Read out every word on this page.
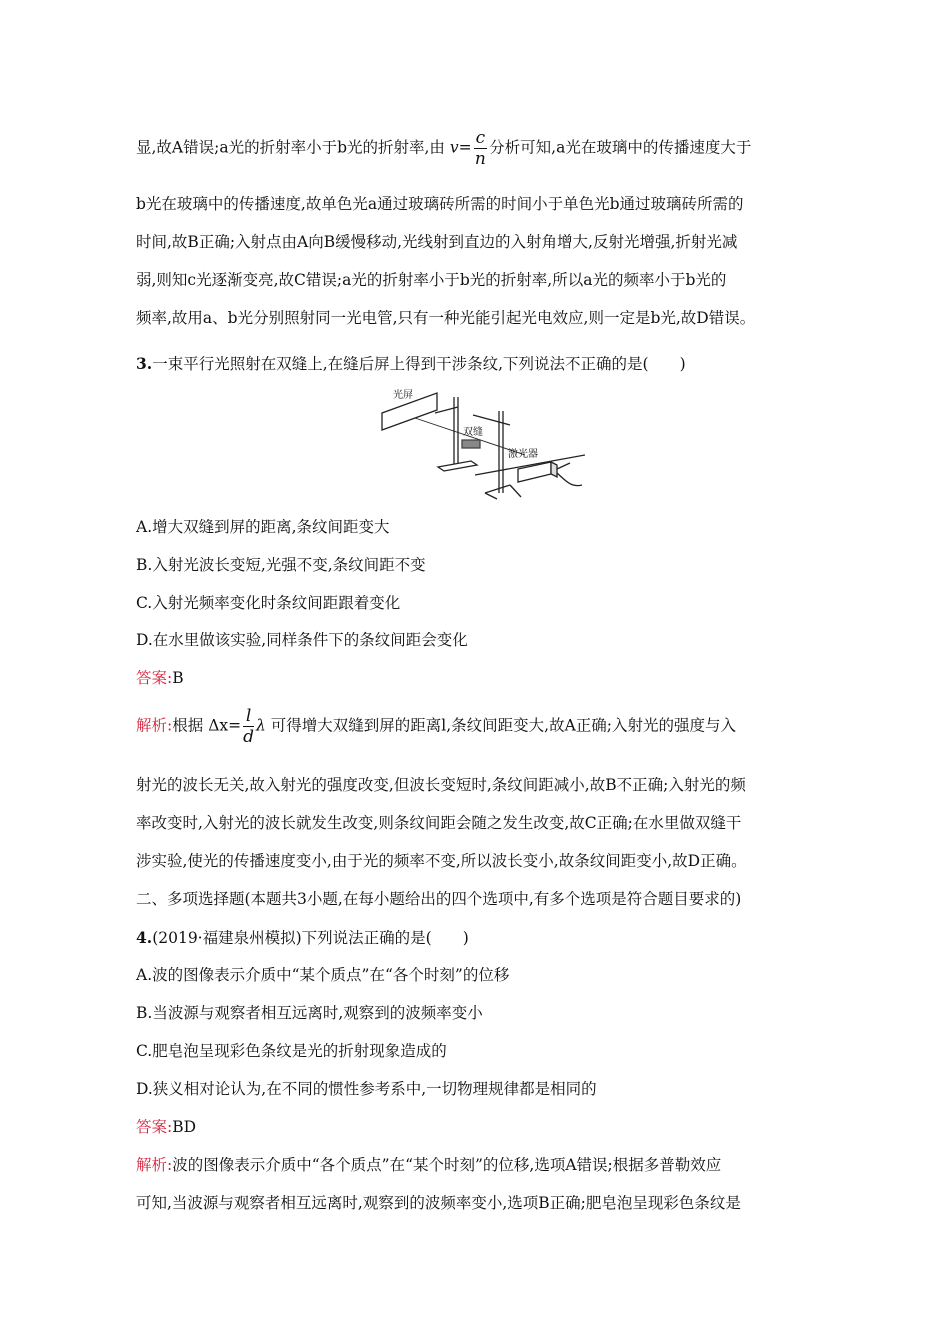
显,故A错误;a光的折射率小于b光的折射率,由 $v= \frac{c}{n}$ 分析可知,a光在玻璃中的传播速度大于
b光在玻璃中的传播速度,故单色光a通过玻璃砖所需的时间小于单色光b通过玻璃砖所需的
时间,故B正确;入射点由A向B缓慢移动,光线射到直边的入射角增大,反射光增强,折射光减
弱,则知c光逐渐变亮,故C错误;a光的折射率小于b光的折射率,所以a光的频率小于b光的
频率,故用a、b光分别照射同一光电管,只有一种光能引起光电效应,则一定是b光,故D错误。
3.一束平行光照射在双缝上,在缝后屏上得到干涉条纹,下列说法不正确的是(　　)
光屏
双缝
激光器
A.增大双缝到屏的距离,条纹间距变大
B.入射光波长变短,光强不变,条纹间距不变
C.入射光频率变化时条纹间距跟着变化
D.在水里做该实验,同样条件下的条纹间距会变化
答案:B
解析:根据 $\Delta x= \frac{l}{d}$ λ 可得增大双缝到屏的距离l,条纹间距变大,故A正确;入射光的强度与入
射光的波长无关,故入射光的强度改变,但波长变短时,条纹间距减小,故B不正确;入射光的频
率改变时,入射光的波长就发生改变,则条纹间距会随之发生改变,故C正确;在水里做双缝干
涉实验,使光的传播速度变小,由于光的频率不变,所以波长变小,故条纹间距变小,故D正确。
二、多项选择题(本题共3小题,在每小题给出的四个选项中,有多个选项是符合题目要求的)
4.(2019·福建泉州模拟)下列说法正确的是(　　)
A.波的图像表示介质中“某个质点”在“各个时刻”的位移
B.当波源与观察者相互远离时,观察到的波频率变小
C.肥皂泡呈现彩色条纹是光的折射现象造成的
D.狭义相对论认为,在不同的惯性参考系中,一切物理规律都是相同的
答案:BD
解析:波的图像表示介质中“各个质点”在“某个时刻”的位移,选项A错误;根据多普勒效应
可知,当波源与观察者相互远离时,观察到的波频率变小,选项B正确;肥皂泡呈现彩色条纹是
